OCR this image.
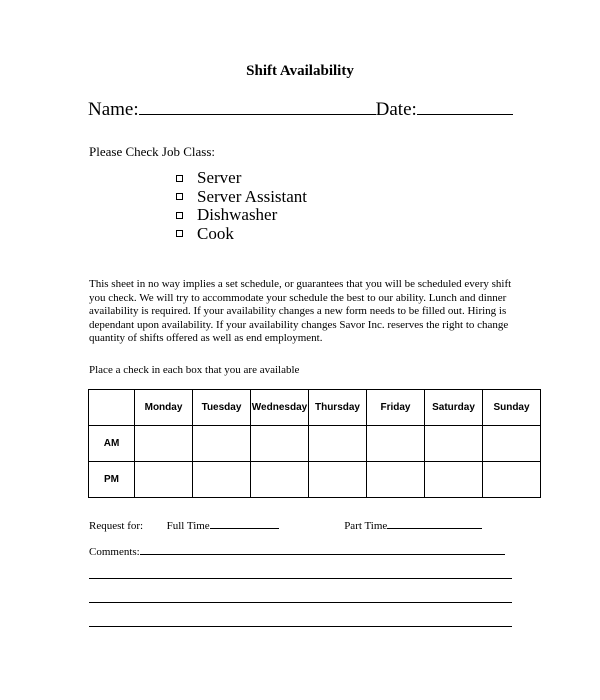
Shift Availability
Name:	Date:
Please Check Job Class:
Server
Server Assistant
Dishwasher
Cook
This sheet in no way implies a set schedule, or guarantees that you will be scheduled every shift you check. We will try to accommodate your schedule the best to our ability. Lunch and dinner availability is required. If your availability changes a new form needs to be filled out. Hiring is dependant upon availability. If your availability changes Savor Inc. reserves the right to change quantity of shifts offered as well as end employment.
Place a check in each box that you are available
	Monday	Tuesday	Wednesday	Thursday	Friday	Saturday	Sunday
AM							
PM							
Request for: Full Time	Part Time
Comments:
